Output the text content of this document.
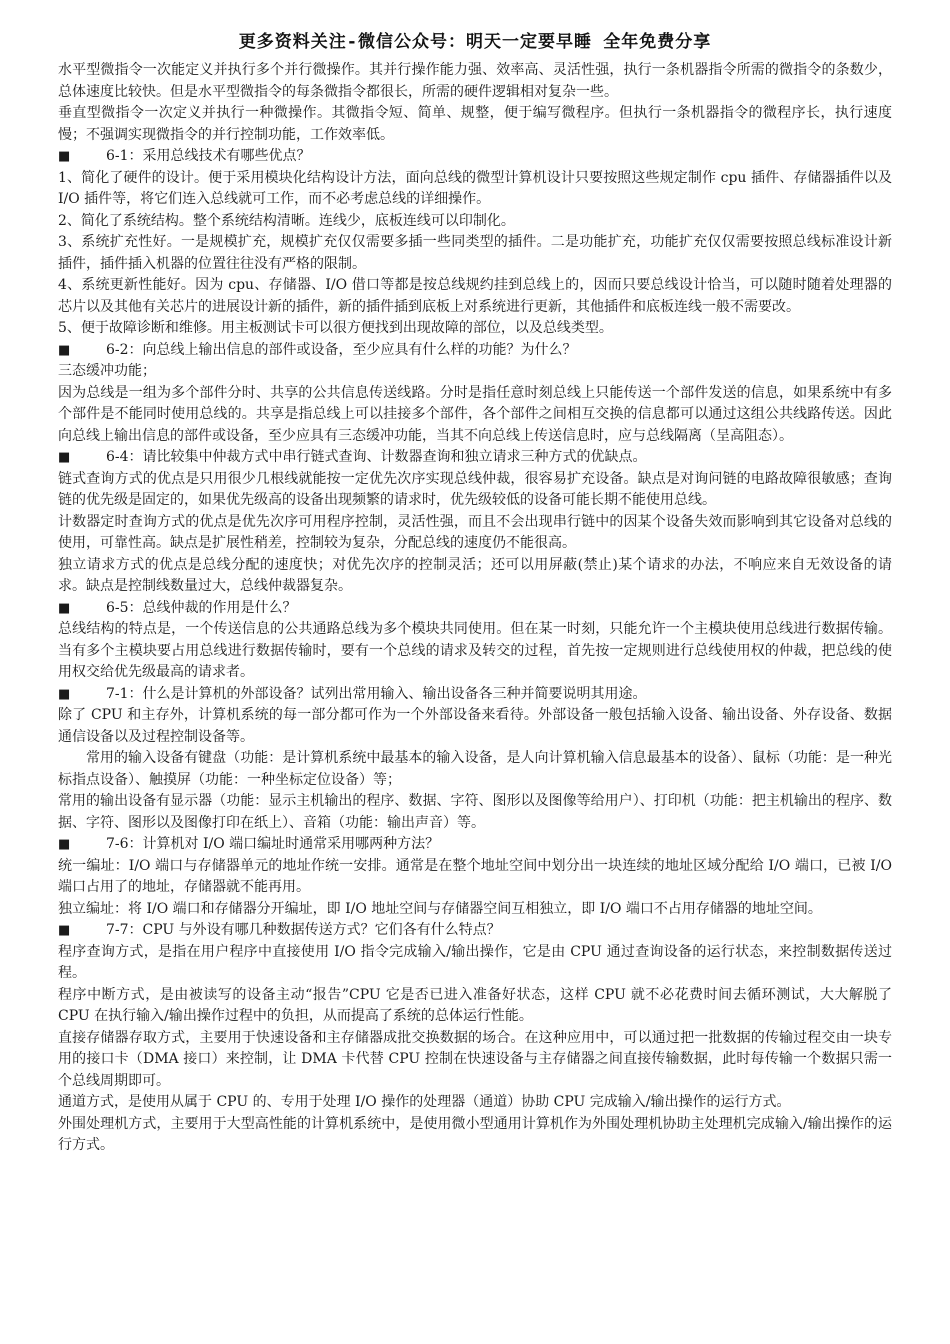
更多资料关注-微信公众号：明天一定要早睡 全年免费分享

水平型微指令一次能定义并执行多个并行微操作。其并行操作能力强、效率高、灵活性强，执行一条机器指令所需的微指令的条数少，总体速度比较快。但是水平型微指令的每条微指令都很长，所需的硬件逻辑相对复杂一些。

垂直型微指令一次定义并执行一种微操作。其微指令短、简单、规整，便于编写微程序。但执行一条机器指令的微程序长，执行速度慢；不强调实现微指令的并行控制功能，工作效率低。

■	6-1：采用总线技术有哪些优点？

1、简化了硬件的设计。便于采用模块化结构设计方法，面向总线的微型计算机设计只要按照这些规定制作 cpu 插件、存储器插件以及 I/O 插件等，将它们连入总线就可工作，而不必考虑总线的详细操作。

2、简化了系统结构。整个系统结构清晰。连线少，底板连线可以印制化。

3、系统扩充性好。一是规模扩充，规模扩充仅仅需要多插一些同类型的插件。二是功能扩充，功能扩充仅仅需要按照总线标准设计新插件，插件插入机器的位置往往没有严格的限制。

4、系统更新性能好。因为 cpu、存储器、I/O 借口等都是按总线规约挂到总线上的，因而只要总线设计恰当，可以随时随着处理器的芯片以及其他有关芯片的进展设计新的插件，新的插件插到底板上对系统进行更新，其他插件和底板连线一般不需要改。

5、便于故障诊断和维修。用主板测试卡可以很方便找到出现故障的部位，以及总线类型。

■	6-2：向总线上输出信息的部件或设备，至少应具有什么样的功能？为什么？

三态缓冲功能；

因为总线是一组为多个部件分时、共享的公共信息传送线路。分时是指任意时刻总线上只能传送一个部件发送的信息，如果系统中有多个部件是不能同时使用总线的。共享是指总线上可以挂接多个部件，各个部件之间相互交换的信息都可以通过这组公共线路传送。因此向总线上输出信息的部件或设备，至少应具有三态缓冲功能，当其不向总线上传送信息时，应与总线隔离（呈高阻态）。

■	6-4：请比较集中仲裁方式中串行链式查询、计数器查询和独立请求三种方式的优缺点。

链式查询方式的优点是只用很少几根线就能按一定优先次序实现总线仲裁，很容易扩充设备。缺点是对询问链的电路故障很敏感；查询链的优先级是固定的，如果优先级高的设备出现频繁的请求时，优先级较低的设备可能长期不能使用总线。

计数器定时查询方式的优点是优先次序可用程序控制，灵活性强，而且不会出现串行链中的因某个设备失效而影响到其它设备对总线的使用，可靠性高。缺点是扩展性稍差，控制较为复杂，分配总线的速度仍不能很高。

独立请求方式的优点是总线分配的速度快；对优先次序的控制灵活；还可以用屏蔽(禁止)某个请求的办法，不响应来自无效设备的请求。缺点是控制线数量过大，总线仲裁器复杂。

■	6-5：总线仲裁的作用是什么？

总线结构的特点是，一个传送信息的公共通路总线为多个模块共同使用。但在某一时刻，只能允许一个主模块使用总线进行数据传输。当有多个主模块要占用总线进行数据传输时，要有一个总线的请求及转交的过程，首先按一定规则进行总线使用权的仲裁，把总线的使用权交给优先级最高的请求者。

■	7-1：什么是计算机的外部设备？试列出常用输入、输出设备各三种并简要说明其用途。

除了 CPU 和主存外，计算机系统的每一部分都可作为一个外部设备来看待。外部设备一般包括输入设备、输出设备、外存设备、数据通信设备以及过程控制设备等。

常用的输入设备有键盘（功能：是计算机系统中最基本的输入设备，是人向计算机输入信息最基本的设备）、鼠标（功能：是一种光标指点设备）、触摸屏（功能：一种坐标定位设备）等；

常用的输出设备有显示器（功能：显示主机输出的程序、数据、字符、图形以及图像等给用户）、打印机（功能：把主机输出的程序、数据、字符、图形以及图像打印在纸上）、音箱（功能：输出声音）等。

■	7-6：计算机对 I/O 端口编址时通常采用哪两种方法？

统一编址：I/O 端口与存储器单元的地址作统一安排。通常是在整个地址空间中划分出一块连续的地址区域分配给 I/O 端口，已被 I/O 端口占用了的地址，存储器就不能再用。

独立编址：将 I/O 端口和存储器分开编址，即 I/O 地址空间与存储器空间互相独立，即 I/O 端口不占用存储器的地址空间。

■	7-7：CPU 与外设有哪几种数据传送方式？它们各有什么特点？

程序查询方式，是指在用户程序中直接使用 I/O 指令完成输入/输出操作，它是由 CPU 通过查询设备的运行状态，来控制数据传送过程。

程序中断方式，是由被读写的设备主动“报告”CPU 它是否已进入准备好状态，这样 CPU 就不必花费时间去循环测试，大大解脱了 CPU 在执行输入/输出操作过程中的负担，从而提高了系统的总体运行性能。

直接存储器存取方式，主要用于快速设备和主存储器成批交换数据的场合。在这种应用中，可以通过把一批数据的传输过程交由一块专用的接口卡（DMA 接口）来控制，让 DMA 卡代替 CPU 控制在快速设备与主存储器之间直接传输数据，此时每传输一个数据只需一个总线周期即可。

通道方式，是使用从属于 CPU 的、专用于处理 I/O 操作的处理器（通道）协助 CPU 完成输入/输出操作的运行方式。

外围处理机方式，主要用于大型高性能的计算机系统中，是使用微小型通用计算机作为外围处理机协助主处理机完成输入/输出操作的运行方式。
